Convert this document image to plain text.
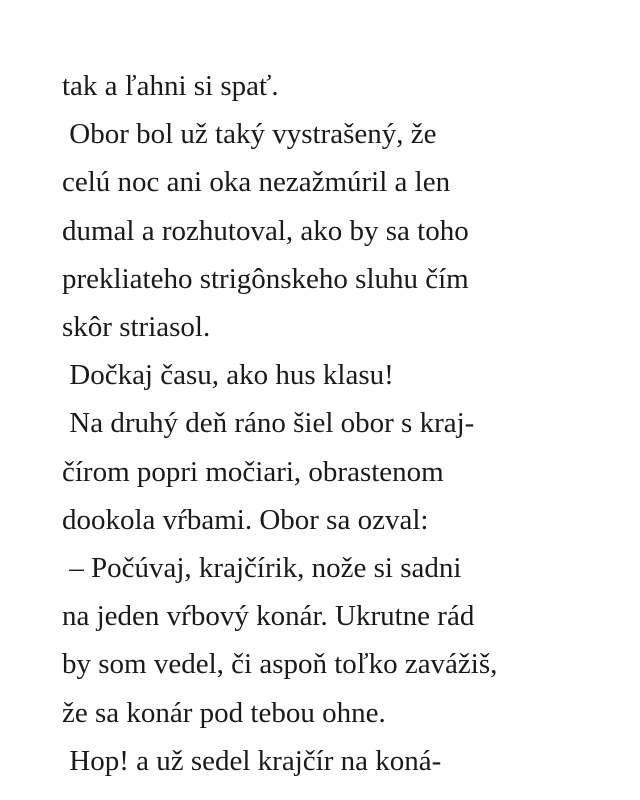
tak a ľahni si spať.

Obor bol už taký vystrašený, že

celú noc ani oka nezažmúril a len

dumal a rozhutoval, ako by sa toho

prekliateho strigônskeho sluhu čím

skôr striasol.

Dočkaj času, ako hus klasu!

Na druhý deň ráno šiel obor s kraj-

čírom popri močiari, obrastenom

dookola vŕbami. Obor sa ozval:

– Počúvaj, krajčírik, nože si sadni

na jeden vŕbový konár. Ukrutne rád

by som vedel, či aspoň toľko zavážiš,

že sa konár pod tebou ohne.

Hop! a už sedel krajčír na koná-
